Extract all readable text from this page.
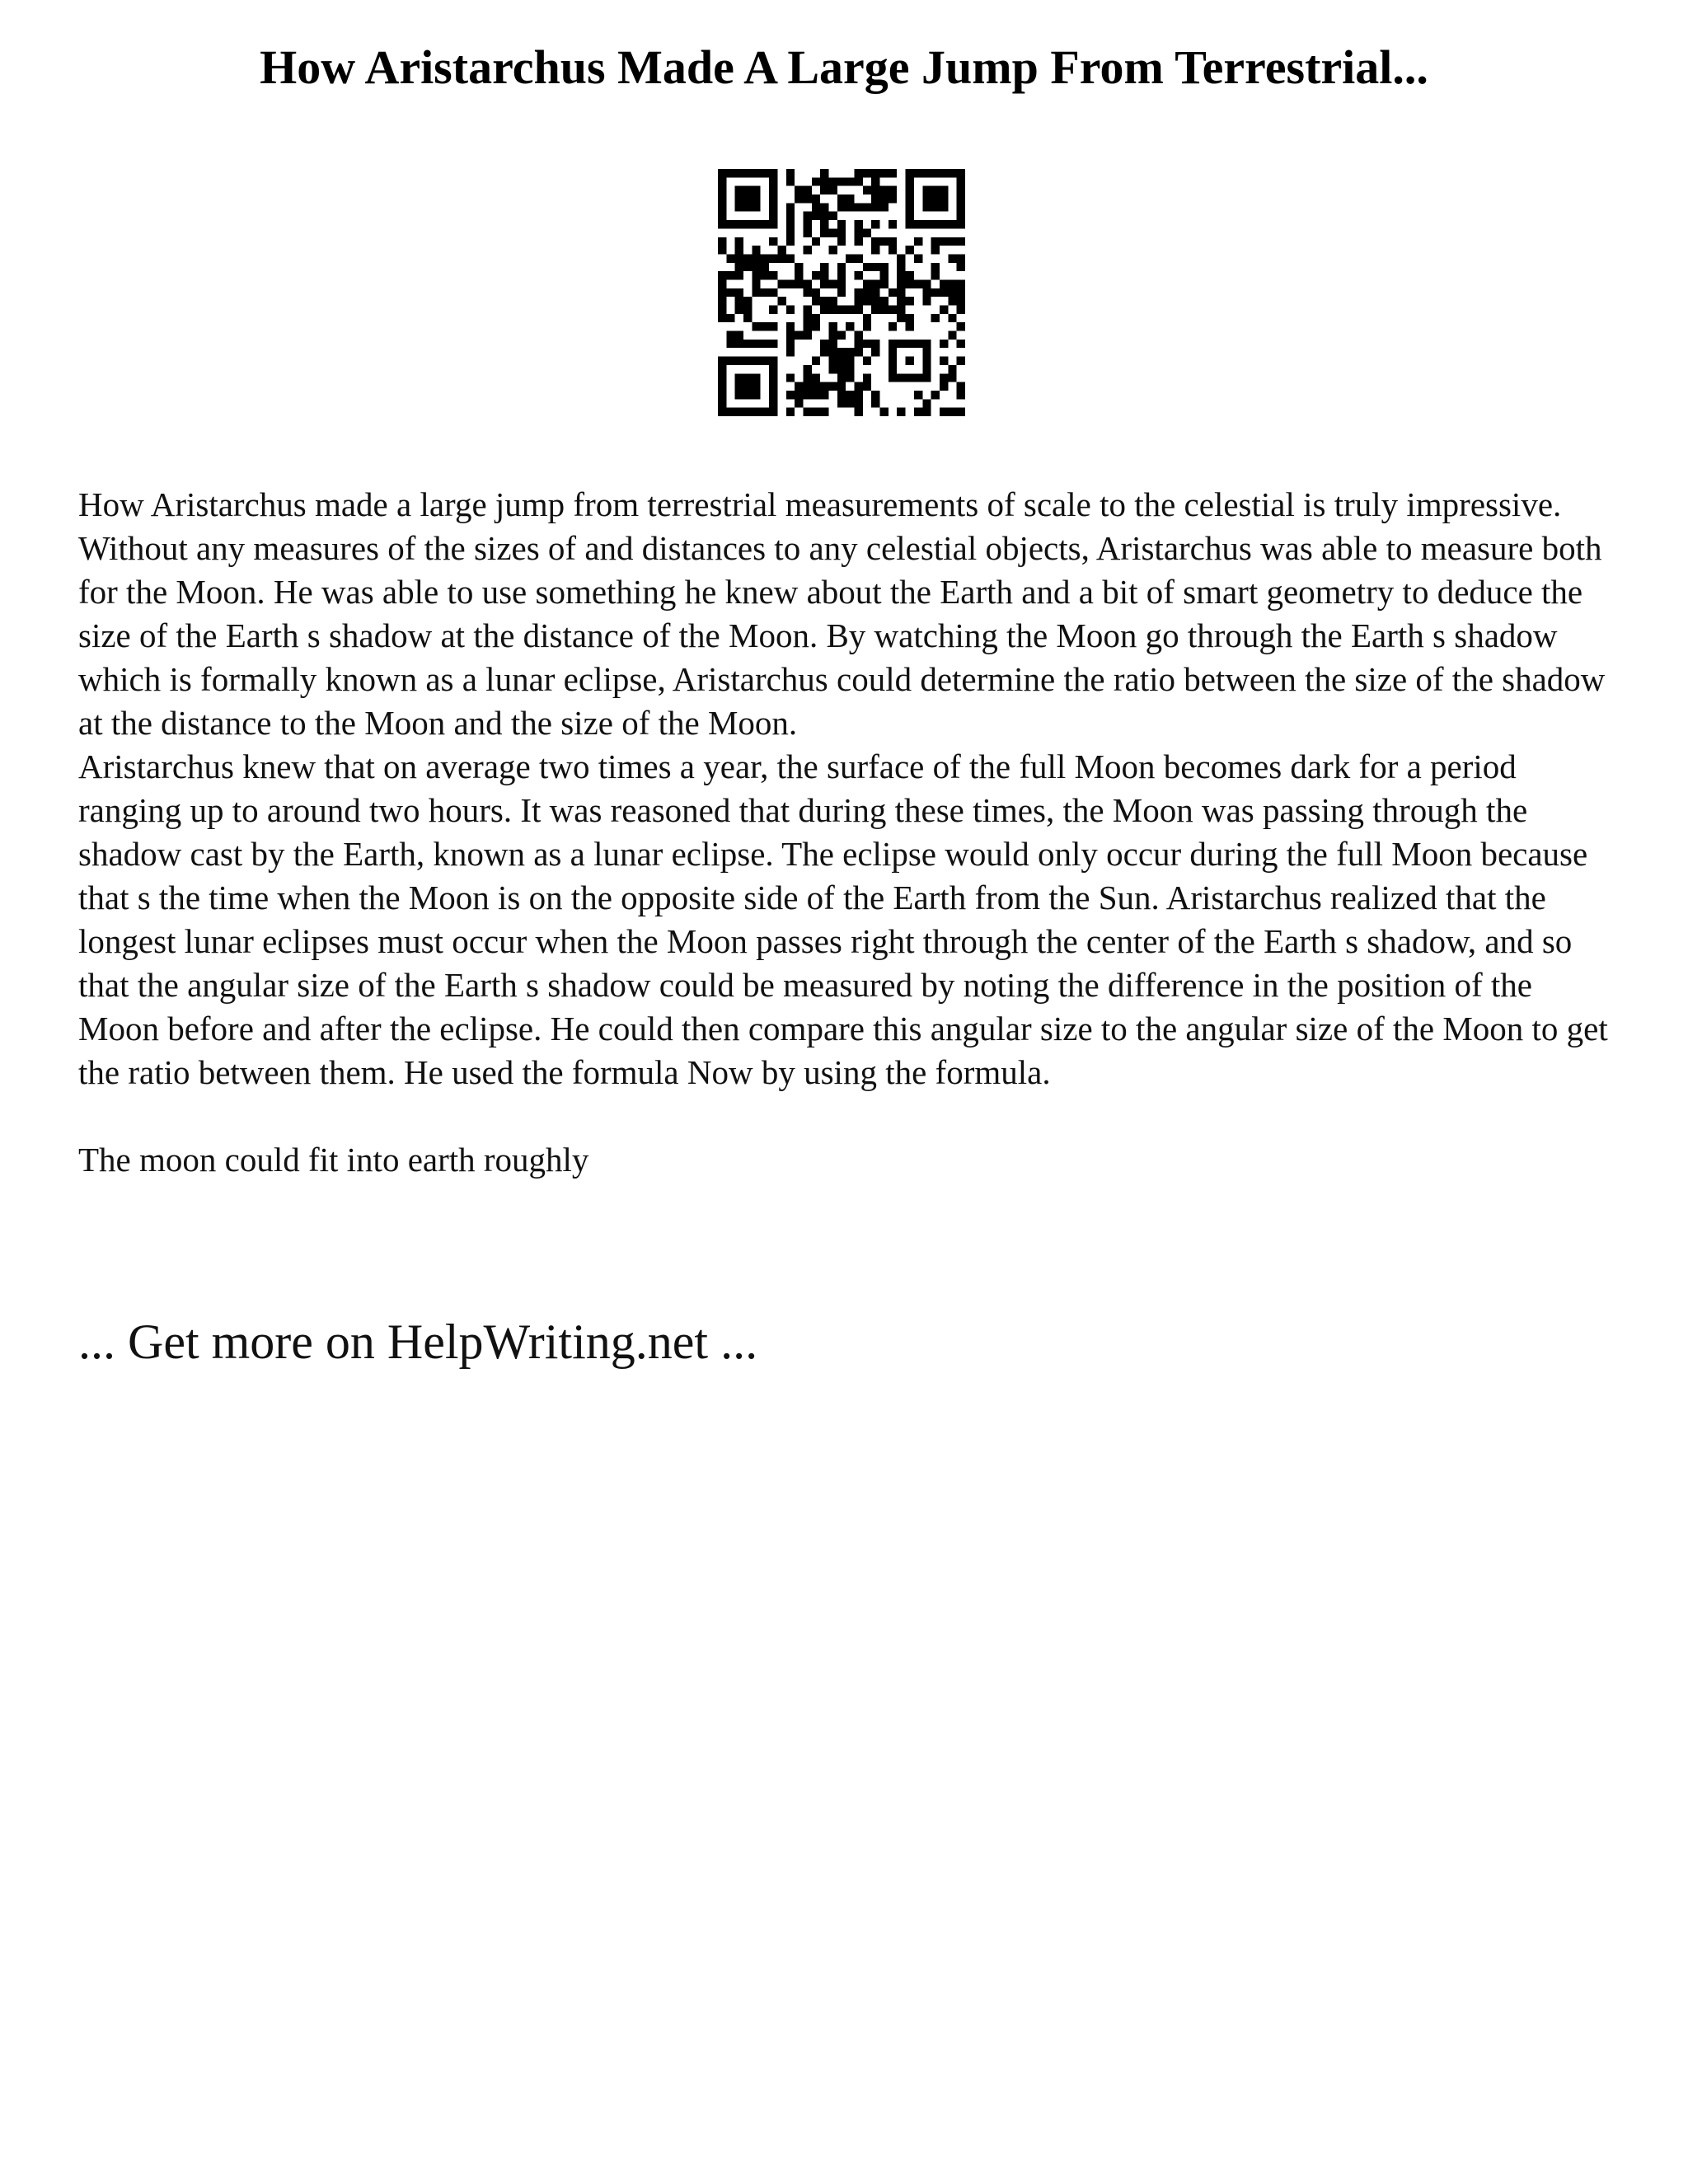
How Aristarchus Made A Large Jump From Terrestrial...

How Aristarchus made a large jump from terrestrial measurements of scale to the celestial is truly impressive. Without any measures of the sizes of and distances to any celestial objects, Aristarchus was able to measure both for the Moon. He was able to use something he knew about the Earth and a bit of smart geometry to deduce the size of the Earth s shadow at the distance of the Moon. By watching the Moon go through the Earth s shadow which is formally known as a lunar eclipse, Aristarchus could determine the ratio between the size of the shadow at the distance to the Moon and the size of the Moon.

Aristarchus knew that on average two times a year, the surface of the full Moon becomes dark for a period ranging up to around two hours. It was reasoned that during these times, the Moon was passing through the shadow cast by the Earth, known as a lunar eclipse. The eclipse would only occur during the full Moon because that s the time when the Moon is on the opposite side of the Earth from the Sun. Aristarchus realized that the longest lunar eclipses must occur when the Moon passes right through the center of the Earth s shadow, and so that the angular size of the Earth s shadow could be measured by noting the difference in the position of the Moon before and after the eclipse. He could then compare this angular size to the angular size of the Moon to get the ratio between them. He used the formula Now by using the formula.

The moon could fit into earth roughly

... Get more on HelpWriting.net ...
